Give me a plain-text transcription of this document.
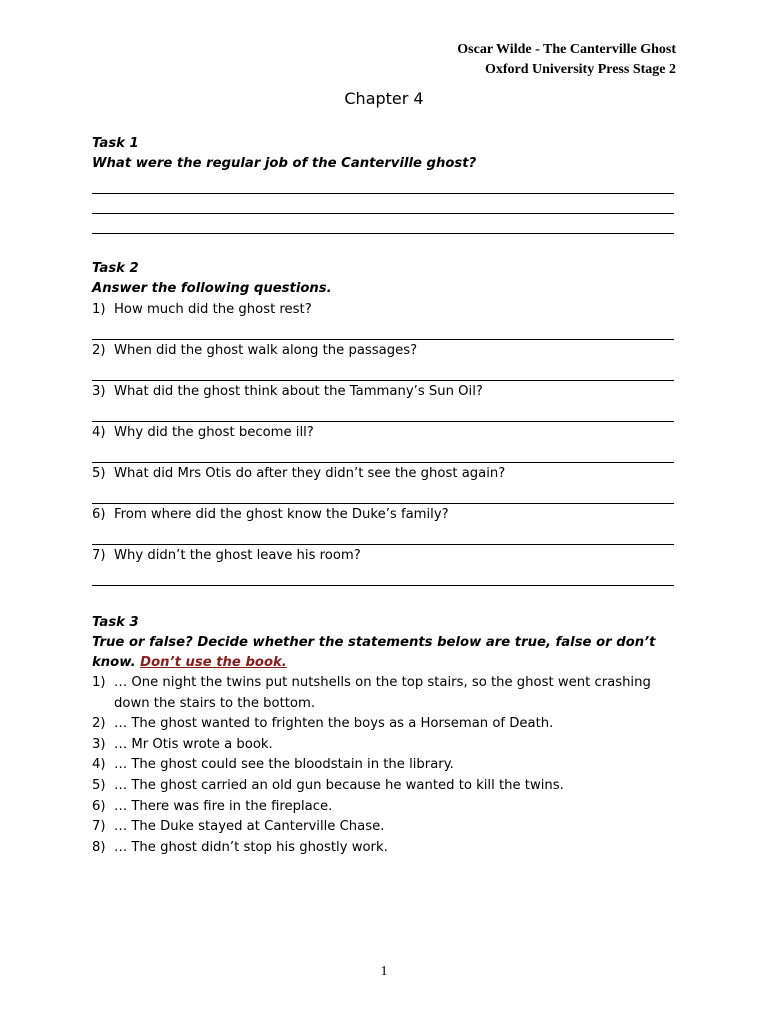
Oscar Wilde - The Canterville Ghost
Oxford University Press Stage 2
Chapter 4
Task 1
What were the regular job of the Canterville ghost?
Task 2
Answer the following questions.
1) How much did the ghost rest?
2) When did the ghost walk along the passages?
3) What did the ghost think about the Tammany’s Sun Oil?
4) Why did the ghost become ill?
5) What did Mrs Otis do after they didn’t see the ghost again?
6) From where did the ghost know the Duke’s family?
7) Why didn’t the ghost leave his room?
Task 3
True or false? Decide whether the statements below are true, false or don’t know. Don’t use the book.
1) … One night the twins put nutshells on the top stairs, so the ghost went crashing down the stairs to the bottom.
2) … The ghost wanted to frighten the boys as a Horseman of Death.
3) … Mr Otis wrote a book.
4) … The ghost could see the bloodstain in the library.
5) … The ghost carried an old gun because he wanted to kill the twins.
6) … There was fire in the fireplace.
7) … The Duke stayed at Canterville Chase.
8) … The ghost didn’t stop his ghostly work.
1
